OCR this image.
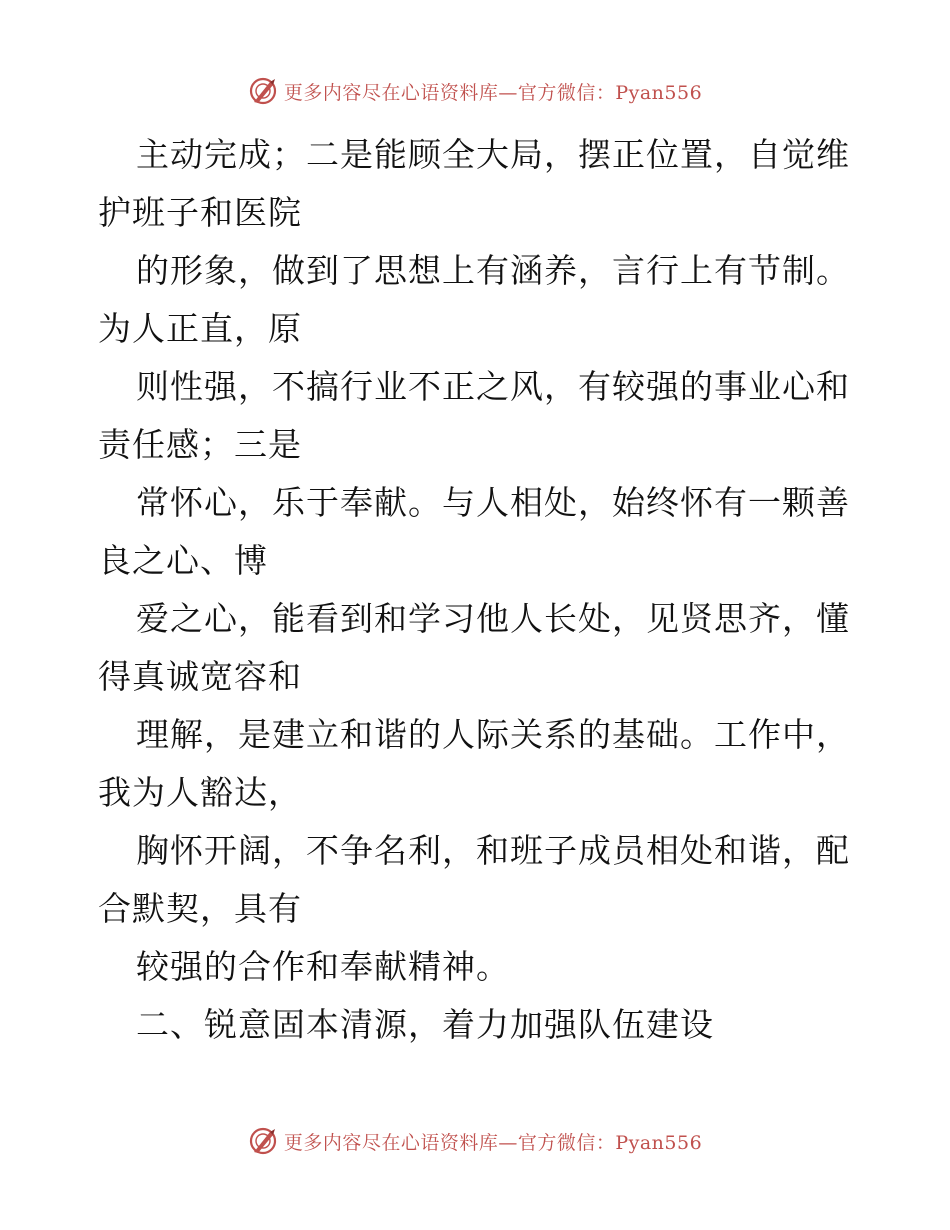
更多内容尽在心语资料库—官方微信：Pyan556
主动完成；二是能顾全大局，摆正位置，自觉维
护班子和医院
的形象，做到了思想上有涵养，言行上有节制。
为人正直，原
则性强，不搞行业不正之风，有较强的事业心和
责任感；三是
常怀心，乐于奉献。与人相处，始终怀有一颗善
良之心、博
爱之心，能看到和学习他人长处，见贤思齐，懂
得真诚宽容和
理解，是建立和谐的人际关系的基础。工作中，
我为人豁达，
胸怀开阔，不争名利，和班子成员相处和谐，配
合默契，具有
较强的合作和奉献精神。
二、锐意固本清源，着力加强队伍建设
更多内容尽在心语资料库—官方微信：Pyan556
